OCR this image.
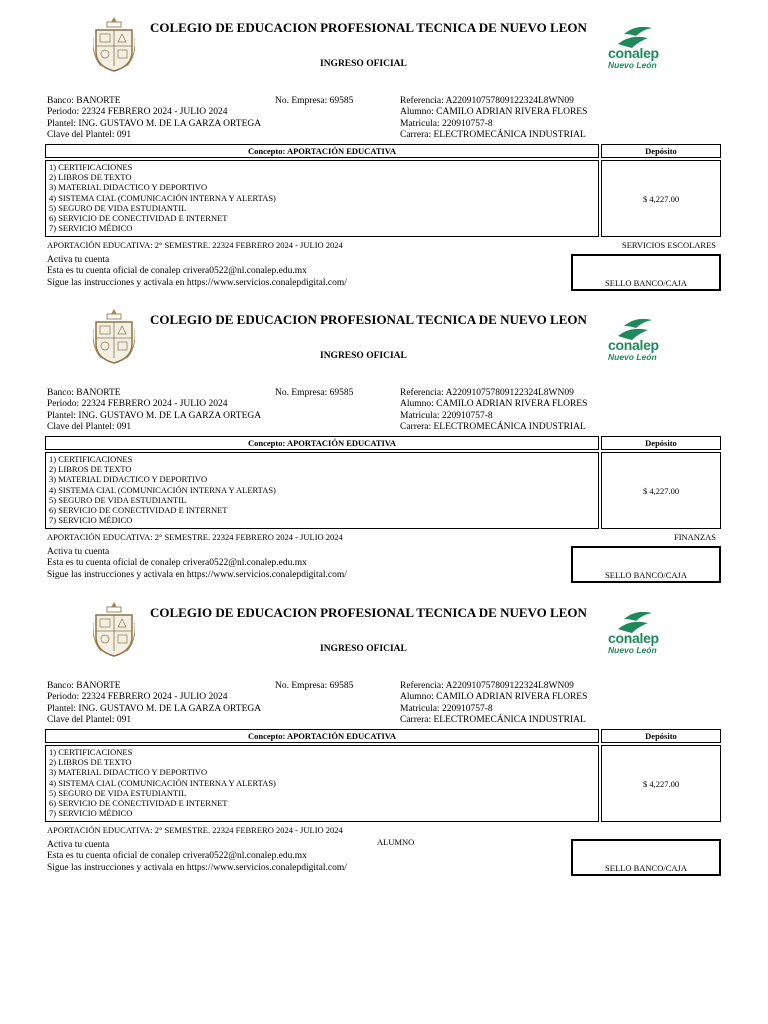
COLEGIO DE EDUCACION PROFESIONAL TECNICA DE NUEVO LEON
INGRESO OFICIAL
conalep
Nuevo León
Banco: BANORTE
Periodo: 22324 FEBRERO 2024 - JULIO 2024
Plantel: ING. GUSTAVO M. DE LA GARZA ORTEGA
Clave del Plantel: 091
No. Empresa: 69585	Referencia: A220910757809122324L8WN09
Alumno: CAMILO ADRIAN RIVERA FLORES
Matricula: 220910757-8
Carrera: ELECTROMECÁNICA INDUSTRIAL
Concepto: APORTACIÓN EDUCATIVA	Depósito
1) CERTIFICACIONES
2) LIBROS DE TEXTO
3) MATERIAL DIDACTICO Y DEPORTIVO
4) SISTEMA CIAL (COMUNICACIÓN INTERNA Y ALERTAS)
5) SEGURO DE VIDA ESTUDIANTIL
6) SERVICIO DE CONECTIVIDAD E INTERNET
7) SERVICIO MÉDICO
$ 4,227.00
APORTACIÓN EDUCATIVA: 2° SEMESTRE. 22324 FEBRERO 2024 - JULIO 2024	SERVICIOS ESCOLARES
Activa tu cuenta
Esta es tu cuenta oficial de conalep crivera0522@nl.conalep.edu.mx
Sigue las instrucciones y activala en https://www.servicios.conalepdigital.com/	SELLO BANCO/CAJA
COLEGIO DE EDUCACION PROFESIONAL TECNICA DE NUEVO LEON
INGRESO OFICIAL
conalep
Nuevo León
Banco: BANORTE
Periodo: 22324 FEBRERO 2024 - JULIO 2024
Plantel: ING. GUSTAVO M. DE LA GARZA ORTEGA
Clave del Plantel: 091
No. Empresa: 69585	Referencia: A220910757809122324L8WN09
Alumno: CAMILO ADRIAN RIVERA FLORES
Matricula: 220910757-8
Carrera: ELECTROMECÁNICA INDUSTRIAL
Concepto: APORTACIÓN EDUCATIVA	Depósito
1) CERTIFICACIONES
2) LIBROS DE TEXTO
3) MATERIAL DIDACTICO Y DEPORTIVO
4) SISTEMA CIAL (COMUNICACIÓN INTERNA Y ALERTAS)
5) SEGURO DE VIDA ESTUDIANTIL
6) SERVICIO DE CONECTIVIDAD E INTERNET
7) SERVICIO MÉDICO
$ 4,227.00
APORTACIÓN EDUCATIVA: 2° SEMESTRE. 22324 FEBRERO 2024 - JULIO 2024	FINANZAS
Activa tu cuenta
Esta es tu cuenta oficial de conalep crivera0522@nl.conalep.edu.mx
Sigue las instrucciones y activala en https://www.servicios.conalepdigital.com/	SELLO BANCO/CAJA
COLEGIO DE EDUCACION PROFESIONAL TECNICA DE NUEVO LEON
INGRESO OFICIAL
conalep
Nuevo León
Banco: BANORTE
Periodo: 22324 FEBRERO 2024 - JULIO 2024
Plantel: ING. GUSTAVO M. DE LA GARZA ORTEGA
Clave del Plantel: 091
No. Empresa: 69585	Referencia: A220910757809122324L8WN09
Alumno: CAMILO ADRIAN RIVERA FLORES
Matricula: 220910757-8
Carrera: ELECTROMECÁNICA INDUSTRIAL
Concepto: APORTACIÓN EDUCATIVA	Depósito
1) CERTIFICACIONES
2) LIBROS DE TEXTO
3) MATERIAL DIDACTICO Y DEPORTIVO
4) SISTEMA CIAL (COMUNICACIÓN INTERNA Y ALERTAS)
5) SEGURO DE VIDA ESTUDIANTIL
6) SERVICIO DE CONECTIVIDAD E INTERNET
7) SERVICIO MÉDICO
$ 4,227.00
APORTACIÓN EDUCATIVA: 2° SEMESTRE. 22324 FEBRERO 2024 - JULIO 2024
ALUMNO
Activa tu cuenta
Esta es tu cuenta oficial de conalep crivera0522@nl.conalep.edu.mx
Sigue las instrucciones y activala en https://www.servicios.conalepdigital.com/	SELLO BANCO/CAJA
